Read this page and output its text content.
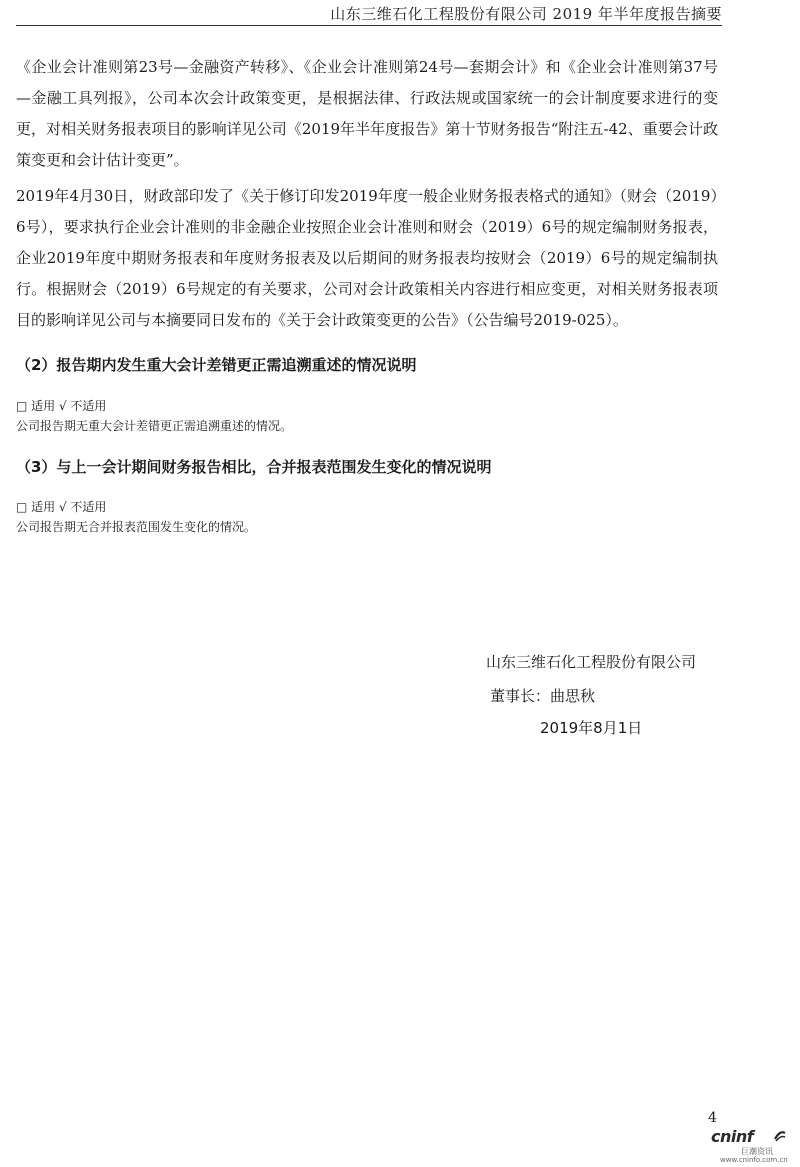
山东三维石化工程股份有限公司 2019 年半年度报告摘要

《企业会计准则第23号—金融资产转移》、《企业会计准则第24号—套期会计》和《企业会计准则第37号—金融工具列报》，公司本次会计政策变更，是根据法律、行政法规或国家统一的会计制度要求进行的变更，对相关财务报表项目的影响详见公司《2019年半年度报告》第十节财务报告“附注五-42、重要会计政策变更和会计估计变更”。

2019年4月30日，财政部印发了《关于修订印发2019年度一般企业财务报表格式的通知》（财会（2019）6号），要求执行企业会计准则的非金融企业按照企业会计准则和财会（2019）6号的规定编制财务报表，企业2019年度中期财务报表和年度财务报表及以后期间的财务报表均按财会（2019）6号的规定编制执行。根据财会（2019）6号规定的有关要求，公司对会计政策相关内容进行相应变更，对相关财务报表项目的影响详见公司与本摘要同日发布的《关于会计政策变更的公告》（公告编号2019-025）。

（2）报告期内发生重大会计差错更正需追溯重述的情况说明
□ 适用 √ 不适用
公司报告期无重大会计差错更正需追溯重述的情况。
（3）与上一会计期间财务报告相比，合并报表范围发生变化的情况说明
□ 适用 √ 不适用
公司报告期无合并报表范围发生变化的情况。
山东三维石化工程股份有限公司
董事长：曲思秋
2019年8月1日
4
cninf
巨潮资讯
www.cninfo.com.cn
